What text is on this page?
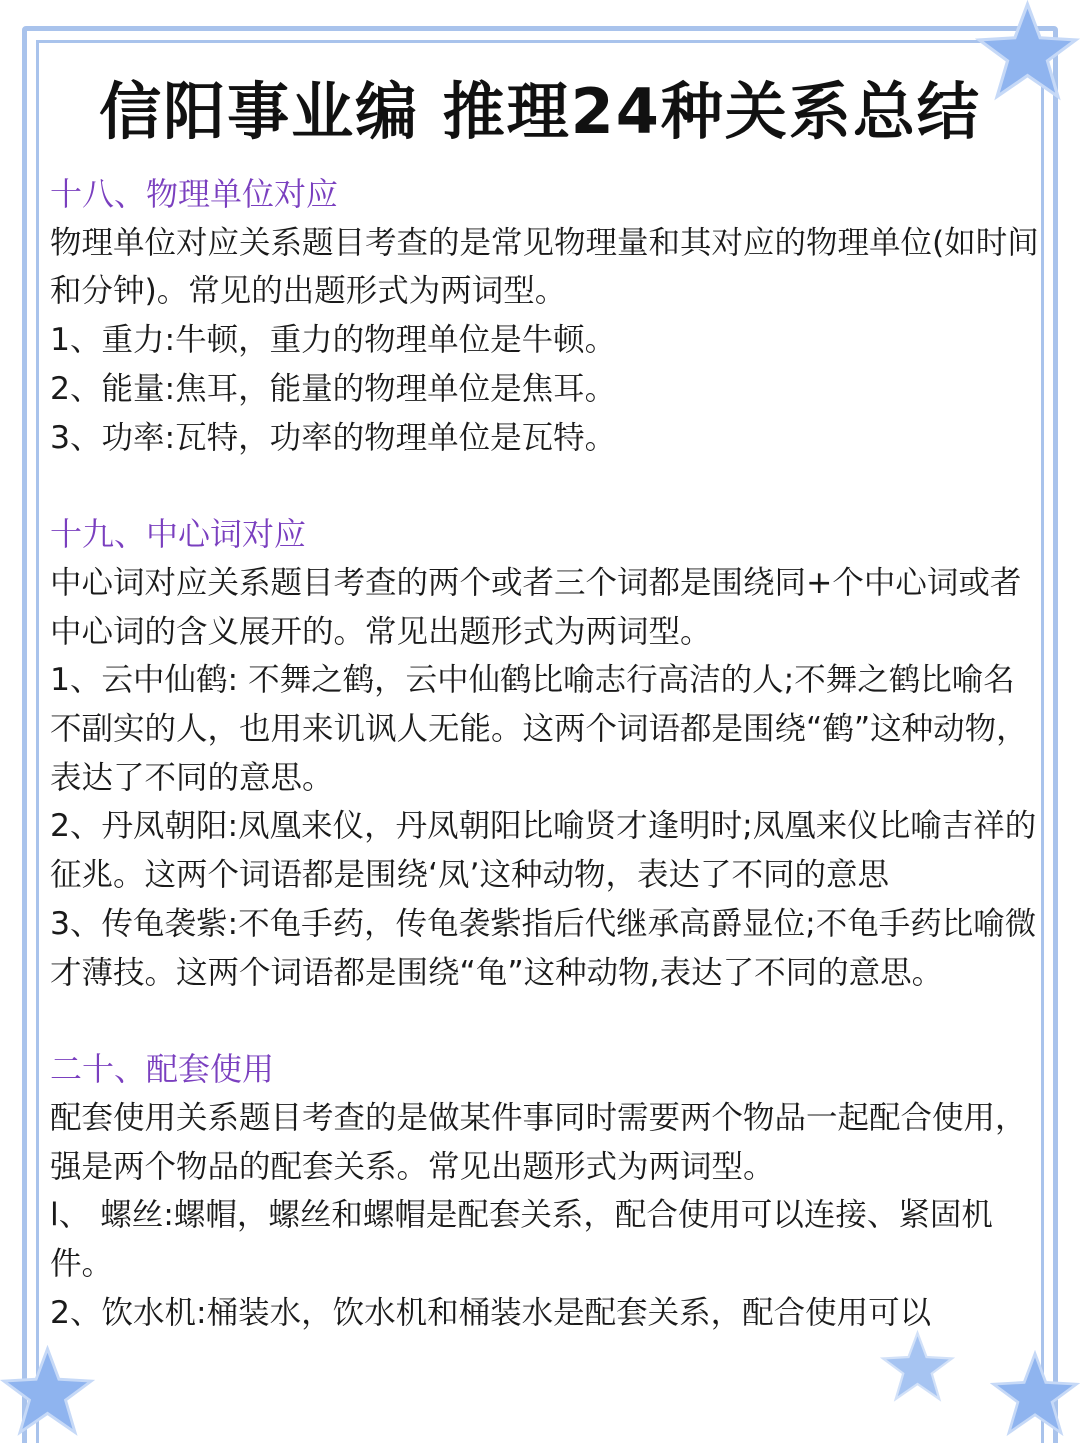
信阳事业编 推理24种关系总结
十八、物理单位对应
物理单位对应关系题目考查的是常见物理量和其对应的物理单位(如时间和分钟)。常见的出题形式为两词型。
1、重力:牛顿，重力的物理单位是牛顿。
2、能量:焦耳，能量的物理单位是焦耳。
3、功率:瓦特，功率的物理单位是瓦特。
十九、中心词对应
中心词对应关系题目考查的两个或者三个词都是围绕同+个中心词或者中心词的含义展开的。常见出题形式为两词型。
1、云中仙鹤: 不舞之鹤，云中仙鹤比喻志行高洁的人;不舞之鹤比喻名不副实的人，也用来讥讽人无能。这两个词语都是围绕“鹤”这种动物，表达了不同的意思。
2、丹凤朝阳:凤凰来仪，丹凤朝阳比喻贤才逢明时;凤凰来仪比喻吉祥的征兆。这两个词语都是围绕‘凤’这种动物，表达了不同的意思
3、传龟袭紫:不龟手药，传龟袭紫指后代继承高爵显位;不龟手药比喻微才薄技。这两个词语都是围绕“龟”这种动物,表达了不同的意思。
二十、配套使用
配套使用关系题目考查的是做某件事同时需要两个物品一起配合使用，强是两个物品的配套关系。常见出题形式为两词型。
l、 螺丝:螺帽，螺丝和螺帽是配套关系，配合使用可以连接、紧固机件。
2、饮水机:桶装水，饮水机和桶装水是配套关系，配合使用可以
